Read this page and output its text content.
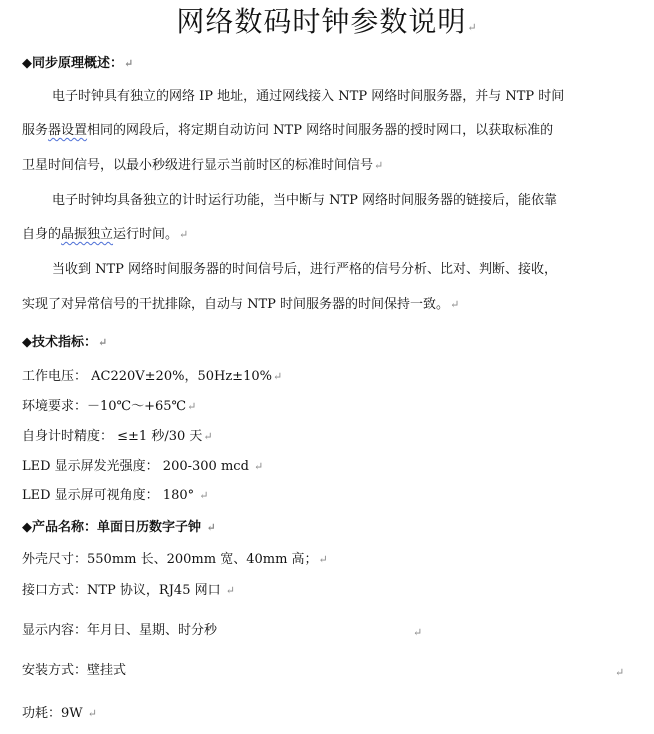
网络数码时钟参数说明↵
◆同步原理概述：↵
电子时钟具有独立的网络 IP 地址，通过网线接入 NTP 网络时间服务器，并与 NTP 时间
服务器设置相同的网段后，将定期自动访问 NTP 网络时间服务器的授时网口，以获取标准的
卫星时间信号，以最小秒级进行显示当前时区的标准时间信号↵
电子时钟均具备独立的计时运行功能，当中断与 NTP 网络时间服务器的链接后，能依靠
自身的晶振独立运行时间。↵
当收到 NTP 网络时间服务器的时间信号后，进行严格的信号分析、比对、判断、接收，
实现了对异常信号的干扰排除，自动与 NTP 时间服务器的时间保持一致。↵
◆技术指标：↵
工作电压： AC220V±20%，50Hz±10%↵
环境要求：－10℃～+65℃↵
自身计时精度： ≤±1 秒/30 天↵
LED 显示屏发光强度： 200-300 mcd ↵
LED 显示屏可视角度： 180° ↵
◆产品名称：单面日历数字子钟 ↵
外壳尺寸：550mm 长、200mm 宽、40mm 高；↵
接口方式：NTP 协议，RJ45 网口 ↵
显示内容：年月日、星期、时分秒	↵
安装方式：壁挂式	↵
功耗：9W ↵
